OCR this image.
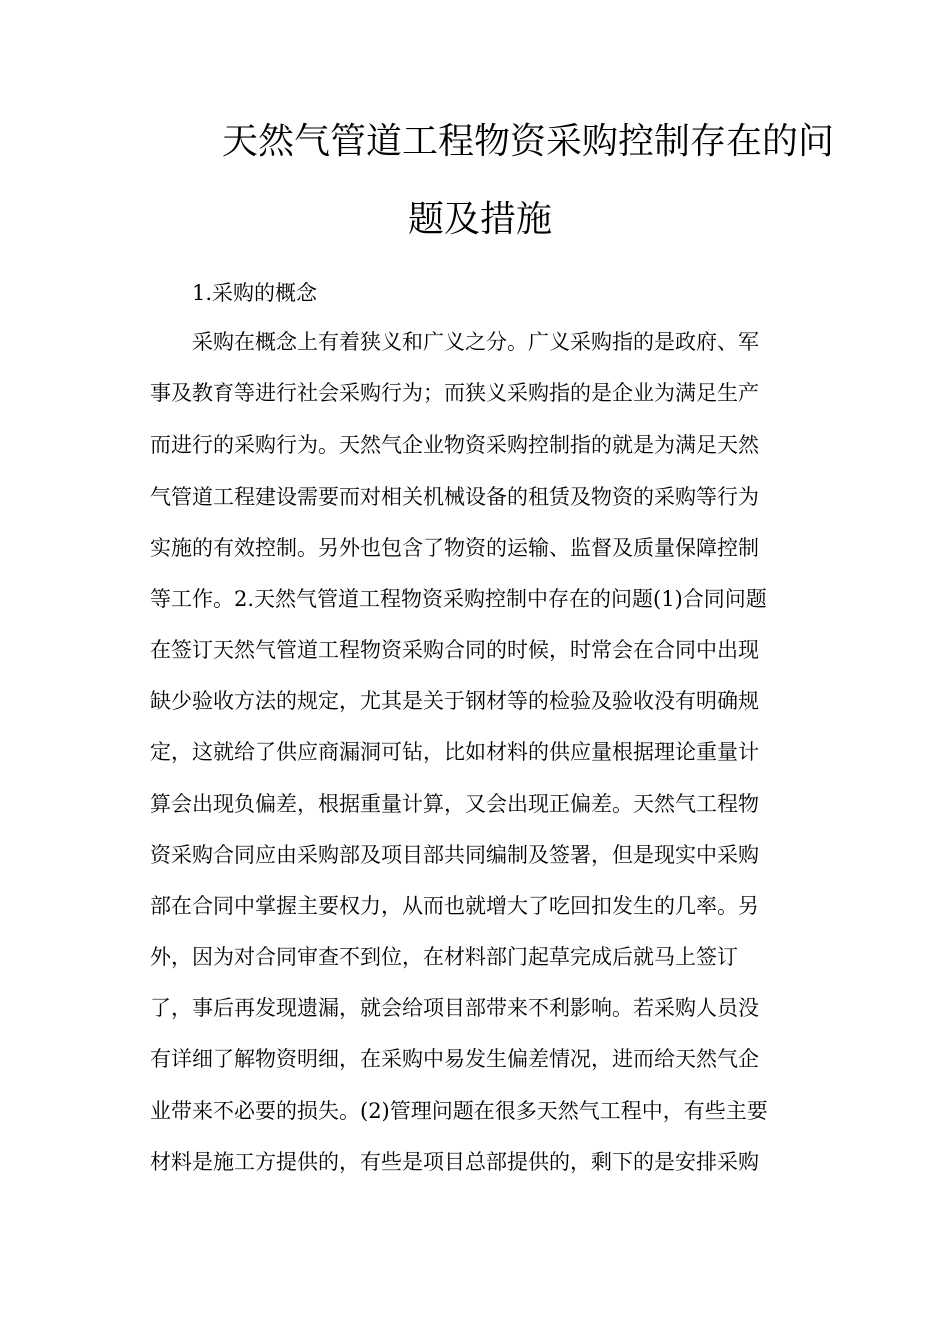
天然气管道工程物资采购控制存在的问
题及措施
1.采购的概念
采购在概念上有着狭义和广义之分。广义采购指的是政府、军
事及教育等进行社会采购行为；而狭义采购指的是企业为满足生产
而进行的采购行为。天然气企业物资采购控制指的就是为满足天然
气管道工程建设需要而对相关机械设备的租赁及物资的采购等行为
实施的有效控制。另外也包含了物资的运输、监督及质量保障控制
等工作。2.天然气管道工程物资采购控制中存在的问题(1)合同问题
在签订天然气管道工程物资采购合同的时候，时常会在合同中出现
缺少验收方法的规定，尤其是关于钢材等的检验及验收没有明确规
定，这就给了供应商漏洞可钻，比如材料的供应量根据理论重量计
算会出现负偏差，根据重量计算，又会出现正偏差。天然气工程物
资采购合同应由采购部及项目部共同编制及签署，但是现实中采购
部在合同中掌握主要权力，从而也就增大了吃回扣发生的几率。另
外，因为对合同审查不到位，在材料部门起草完成后就马上签订
了，事后再发现遗漏，就会给项目部带来不利影响。若采购人员没
有详细了解物资明细，在采购中易发生偏差情况，进而给天然气企
业带来不必要的损失。(2)管理问题在很多天然气工程中，有些主要
材料是施工方提供的，有些是项目总部提供的，剩下的是安排采购
